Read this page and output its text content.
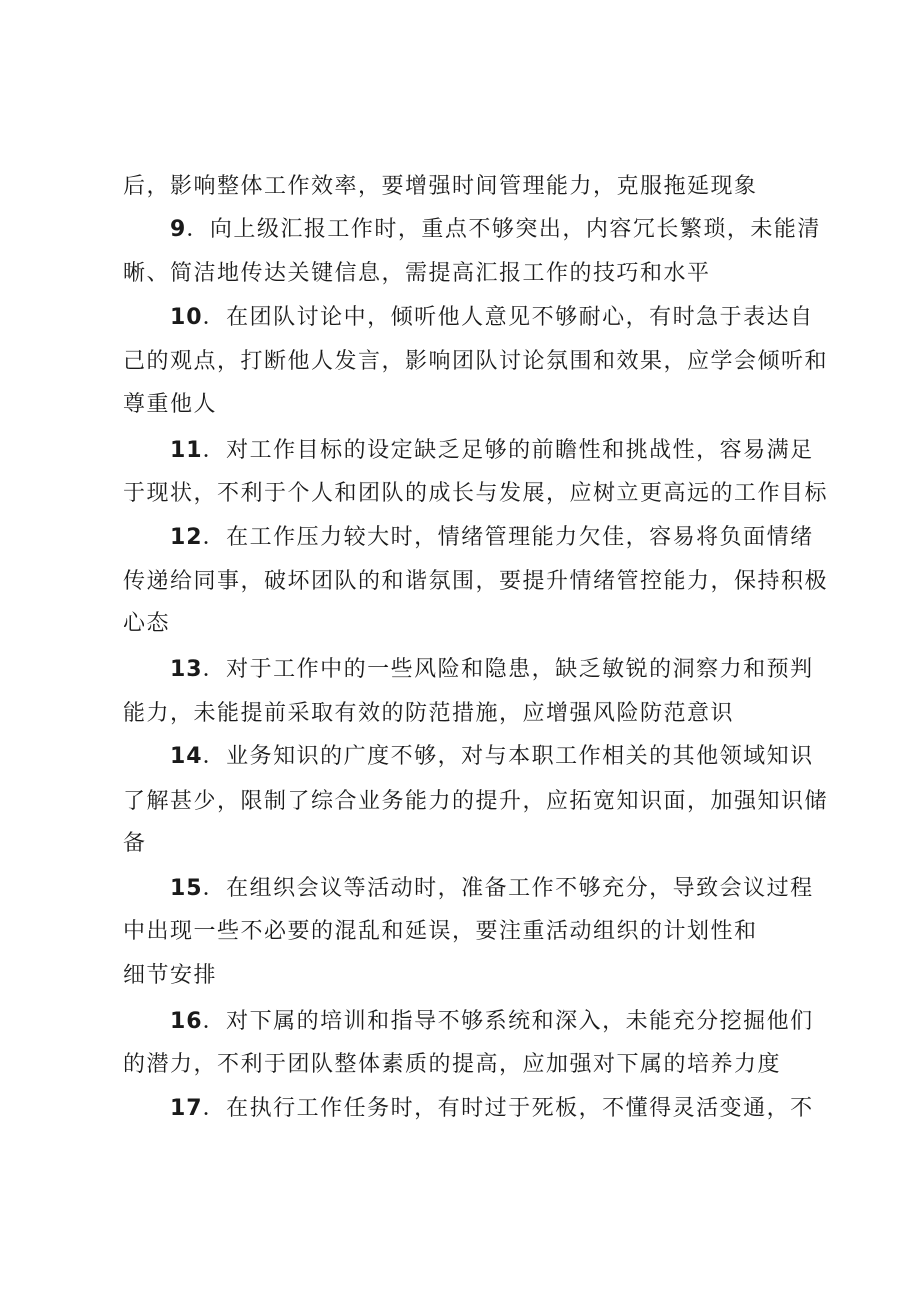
后，影响整体工作效率，要增强时间管理能力，克服拖延现象
9．向上级汇报工作时，重点不够突出，内容冗长繁琐，未能清
晰、简洁地传达关键信息，需提高汇报工作的技巧和水平
10．在团队讨论中，倾听他人意见不够耐心，有时急于表达自
己的观点，打断他人发言，影响团队讨论氛围和效果，应学会倾听和
尊重他人
11．对工作目标的设定缺乏足够的前瞻性和挑战性，容易满足
于现状，不利于个人和团队的成长与发展，应树立更高远的工作目标
12．在工作压力较大时，情绪管理能力欠佳，容易将负面情绪
传递给同事，破坏团队的和谐氛围，要提升情绪管控能力，保持积极
心态
13．对于工作中的一些风险和隐患，缺乏敏锐的洞察力和预判
能力，未能提前采取有效的防范措施，应增强风险防范意识
14．业务知识的广度不够，对与本职工作相关的其他领域知识
了解甚少，限制了综合业务能力的提升，应拓宽知识面，加强知识储
备
15．在组织会议等活动时，准备工作不够充分，导致会议过程
中出现一些不必要的混乱和延误，要注重活动组织的计划性和
细节安排
16．对下属的培训和指导不够系统和深入，未能充分挖掘他们
的潜力，不利于团队整体素质的提高，应加强对下属的培养力度
17．在执行工作任务时，有时过于死板，不懂得灵活变通，不
